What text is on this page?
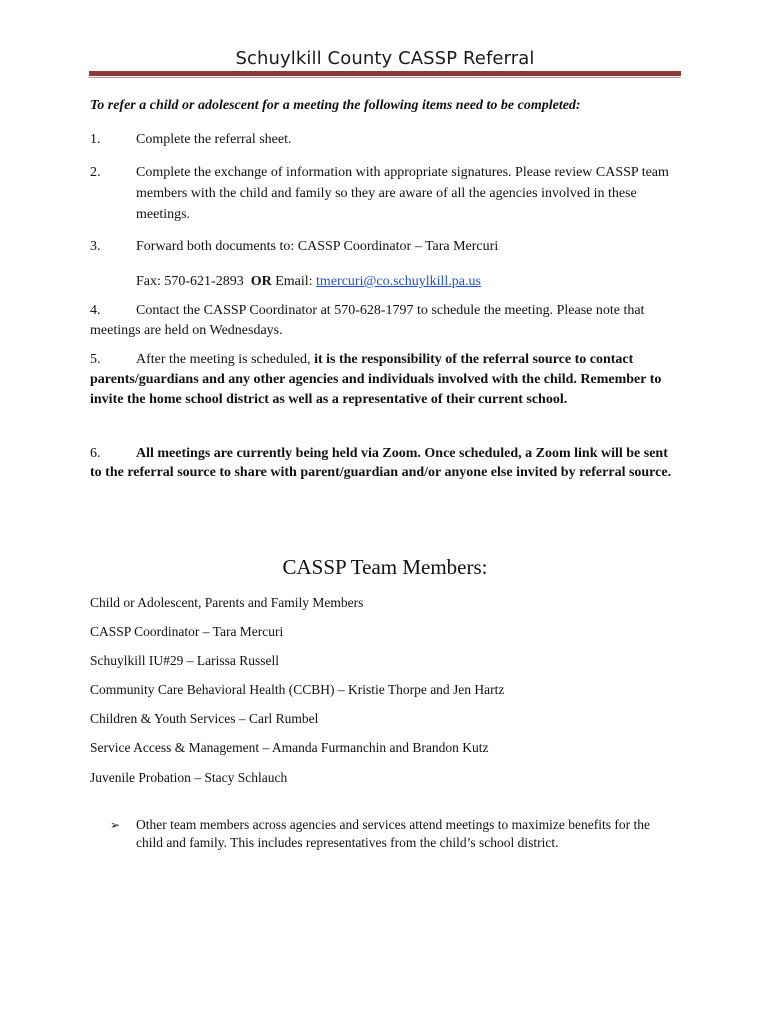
Schuylkill County CASSP Referral
To refer a child or adolescent for a meeting the following items need to be completed:
1.	Complete the referral sheet.
2.	Complete the exchange of information with appropriate signatures. Please review CASSP team members with the child and family so they are aware of all the agencies involved in these meetings.
3.	Forward both documents to: CASSP Coordinator – Tara Mercuri
Fax: 570-621-2893 OR Email: tmercuri@co.schuylkill.pa.us
4.	Contact the CASSP Coordinator at 570-628-1797 to schedule the meeting. Please note that meetings are held on Wednesdays.
5.	After the meeting is scheduled, it is the responsibility of the referral source to contact parents/guardians and any other agencies and individuals involved with the child. Remember to invite the home school district as well as a representative of their current school.
6.	All meetings are currently being held via Zoom. Once scheduled, a Zoom link will be sent to the referral source to share with parent/guardian and/or anyone else invited by referral source.
CASSP Team Members:
Child or Adolescent, Parents and Family Members
CASSP Coordinator – Tara Mercuri
Schuylkill IU#29 – Larissa Russell
Community Care Behavioral Health (CCBH) – Kristie Thorpe and Jen Hartz
Children & Youth Services – Carl Rumbel
Service Access & Management – Amanda Furmanchin and Brandon Kutz
Juvenile Probation – Stacy Schlauch
➢ Other team members across agencies and services attend meetings to maximize benefits for the child and family. This includes representatives from the child’s school district.
